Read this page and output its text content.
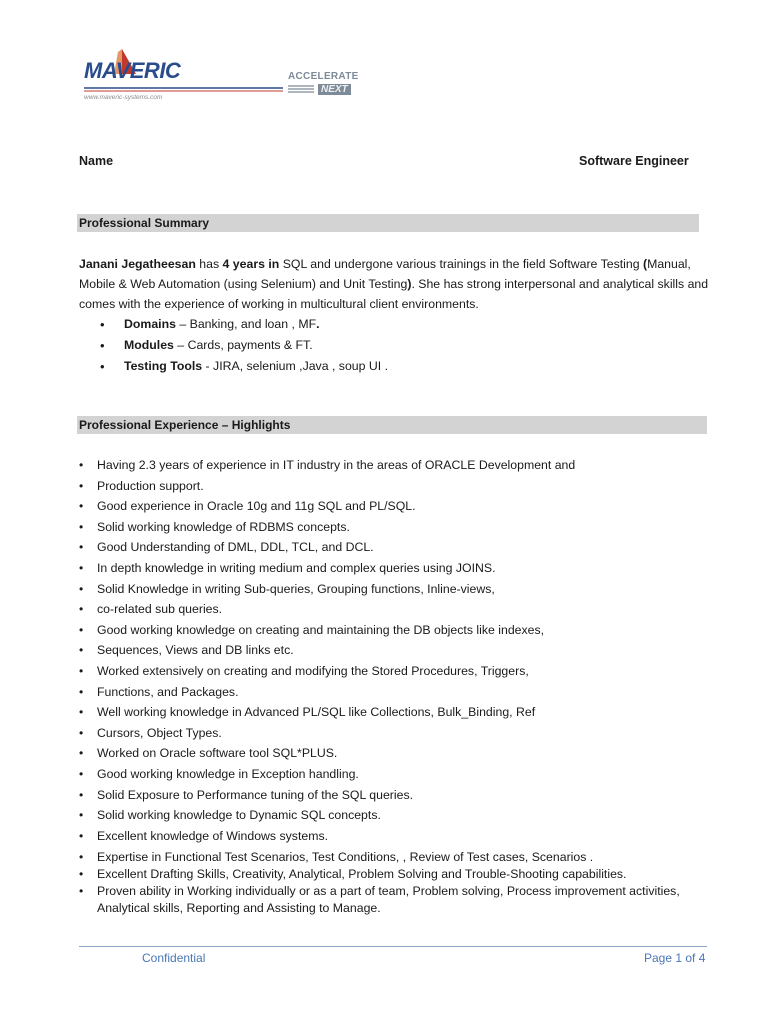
MAVERIC
www.maveric-systems.com
ACCELERATE
NEXT
Name	Software Engineer
Professional Summary
Janani Jegatheesan has 4 years in SQL and undergone various trainings in the field Software Testing (Manual, Mobile & Web Automation (using Selenium) and Unit Testing). She has strong interpersonal and analytical skills and comes with the experience of working in multicultural client environments.
• Domains – Banking, and loan , MF.
• Modules – Cards, payments & FT.
• Testing Tools - JIRA, selenium ,Java , soup UI .
Professional Experience – Highlights
• Having 2.3 years of experience in IT industry in the areas of ORACLE Development and
• Production support.
• Good experience in Oracle 10g and 11g SQL and PL/SQL.
• Solid working knowledge of RDBMS concepts.
• Good Understanding of DML, DDL, TCL, and DCL.
• In depth knowledge in writing medium and complex queries using JOINS.
• Solid Knowledge in writing Sub-queries, Grouping functions, Inline-views,
• co-related sub queries.
• Good working knowledge on creating and maintaining the DB objects like indexes,
• Sequences, Views and DB links etc.
• Worked extensively on creating and modifying the Stored Procedures, Triggers,
• Functions, and Packages.
• Well working knowledge in Advanced PL/SQL like Collections, Bulk_Binding, Ref
• Cursors, Object Types.
• Worked on Oracle software tool SQL*PLUS.
• Good working knowledge in Exception handling.
• Solid Exposure to Performance tuning of the SQL queries.
• Solid working knowledge to Dynamic SQL concepts.
• Excellent knowledge of Windows systems.
• Expertise in Functional Test Scenarios, Test Conditions, , Review of Test cases, Scenarios .
• Excellent Drafting Skills, Creativity, Analytical, Problem Solving and Trouble-Shooting capabilities.
• Proven ability in Working individually or as a part of team, Problem solving, Process improvement activities, Analytical skills, Reporting and Assisting to Manage.
Confidential	Page 1 of 4
